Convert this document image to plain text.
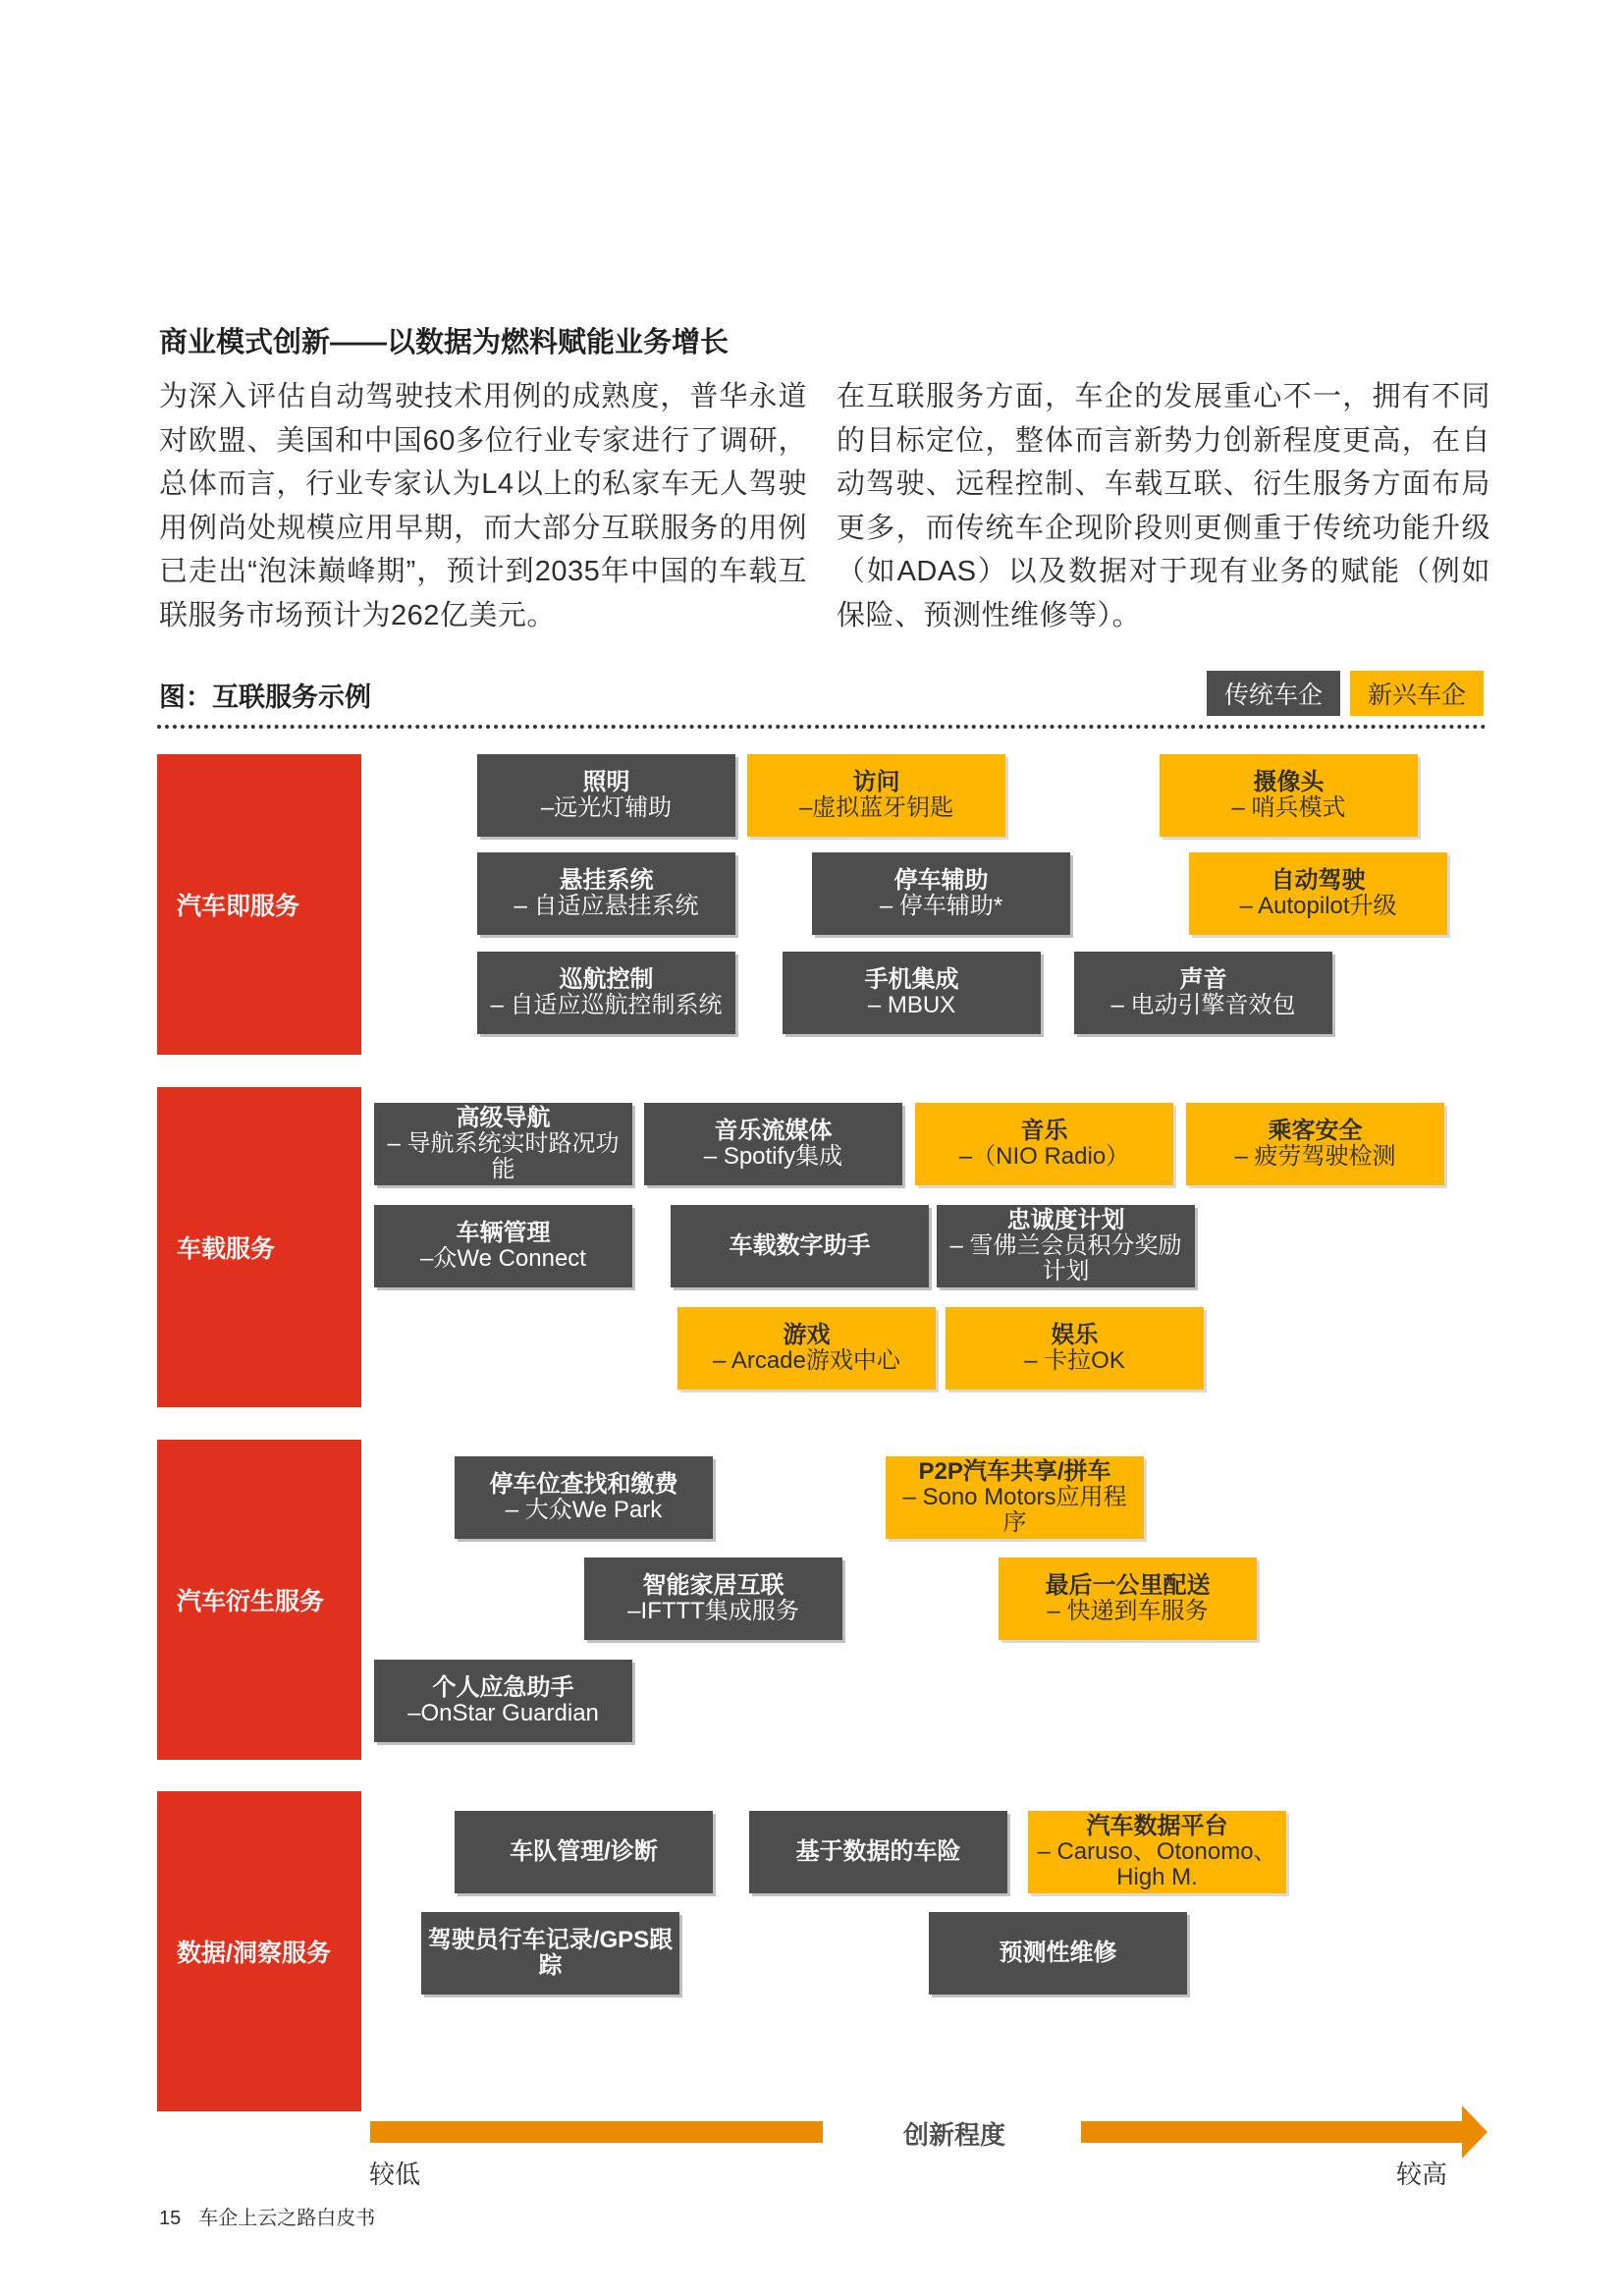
商业模式创新——以数据为燃料赋能业务增长

为深入评估自动驾驶技术用例的成熟度，普华永道对欧盟、美国和中国60多位行业专家进行了调研，总体而言，行业专家认为L4以上的私家车无人驾驶用例尚处规模应用早期，而大部分互联服务的用例已走出“泡沫巅峰期”，预计到2035年中国的车载互联服务市场预计为262亿美元。

在互联服务方面，车企的发展重心不一，拥有不同的目标定位，整体而言新势力创新程度更高，在自动驾驶、远程控制、车载互联、衍生服务方面布局更多，而传统车企现阶段则更侧重于传统功能升级（如ADAS）以及数据对于现有业务的赋能（例如保险、预测性维修等）。

图：互联服务示例	传统车企	新兴车企
汽车即服务
车载服务
汽车衍生服务
数据/洞察服务
照明
–远光灯辅助
访问
–虚拟蓝牙钥匙
摄像头
– 哨兵模式
悬挂系统
– 自适应悬挂系统
停车辅助
– 停车辅助*
自动驾驶
– Autopilot升级
巡航控制
– 自适应巡航控制系统
手机集成
– MBUX
声音
– 电动引擎音效包
高级导航
– 导航系统实时路况功能
音乐流媒体
– Spotify集成
音乐
–（NIO Radio）
乘客安全
– 疲劳驾驶检测
车辆管理
–众We Connect	车载数字助手
忠诚度计划
– 雪佛兰会员积分奖励计划
游戏
– Arcade游戏中心
娱乐
– 卡拉OK
停车位查找和缴费
– 大众We Park
P2P汽车共享/拼车
– Sono Motors应用程序
智能家居互联
–IFTTT集成服务
最后一公里配送
– 快递到车服务
个人应急助手
–OnStar Guardian
车队管理/诊断	基于数据的车险
汽车数据平台
– Caruso、Otonomo、High M.
驾驶员行车记录/GPS跟踪	预测性维修
创新程度
较低	较高
15 车企上云之路白皮书
